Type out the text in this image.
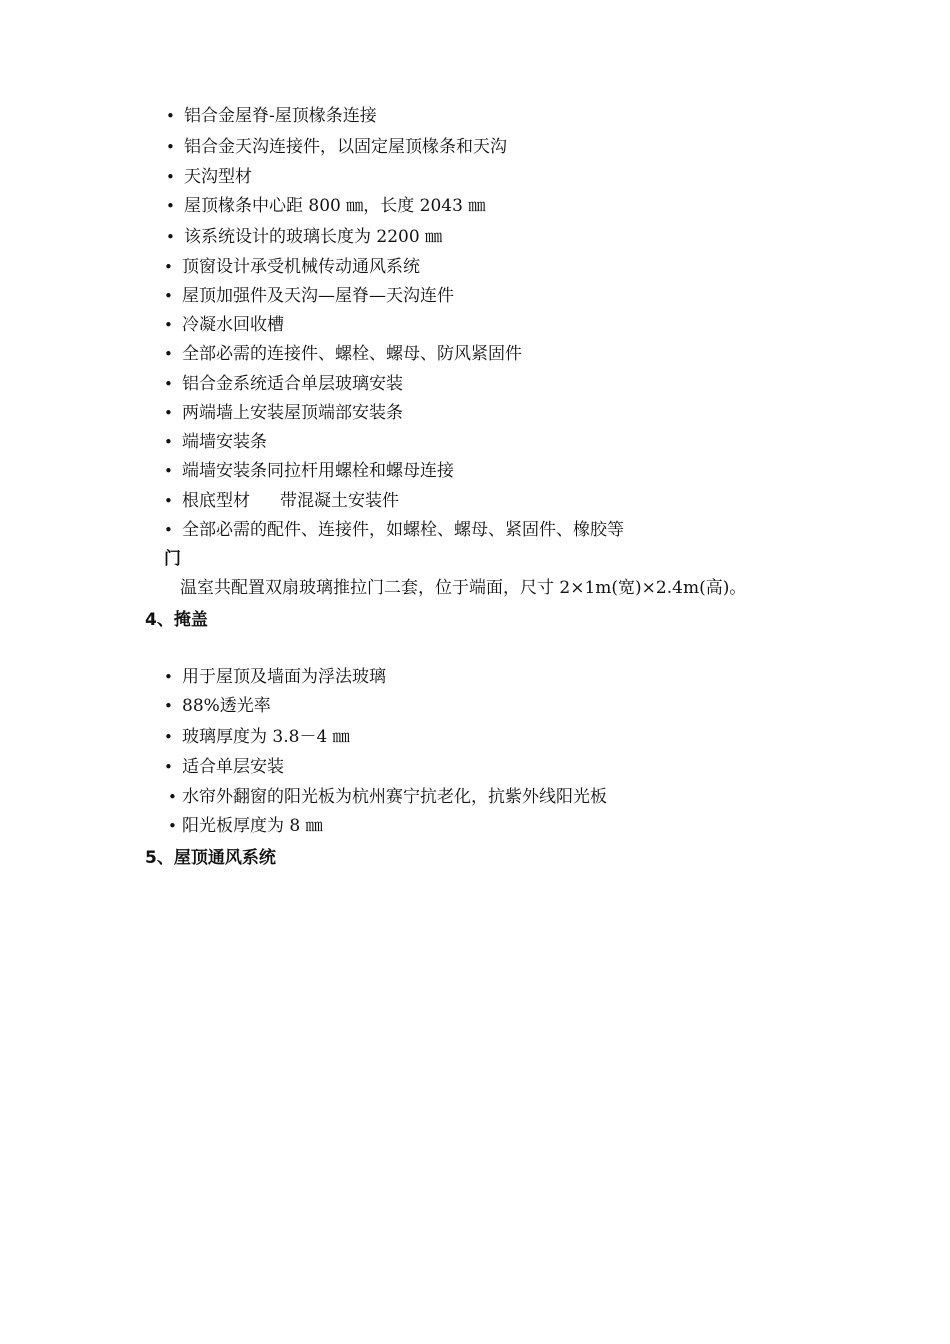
• 铝合金屋脊-屋顶椽条连接
• 铝合金天沟连接件，以固定屋顶椽条和天沟
• 天沟型材
• 屋顶椽条中心距 800 ㎜，长度 2043 ㎜
• 该系统设计的玻璃长度为 2200 ㎜
• 顶窗设计承受机械传动通风系统
• 屋顶加强件及天沟—屋脊—天沟连件
• 冷凝水回收槽
• 全部必需的连接件、螺栓、螺母、防风紧固件
• 铝合金系统适合单层玻璃安装
• 两端墙上安装屋顶端部安装条
• 端墙安装条
• 端墙安装条同拉杆用螺栓和螺母连接
• 根底型材 带混凝土安装件
• 全部必需的配件、连接件，如螺栓、螺母、紧固件、橡胶等
门
温室共配置双扇玻璃推拉门二套，位于端面，尺寸 2×1m(宽)×2.4m(高)。
4、掩盖
• 用于屋顶及墙面为浮法玻璃
• 88%透光率
• 玻璃厚度为 3.8－4 ㎜
• 适合单层安装
• 水帘外翻窗的阳光板为杭州赛宁抗老化，抗紫外线阳光板
• 阳光板厚度为 8 ㎜
5、屋顶通风系统
